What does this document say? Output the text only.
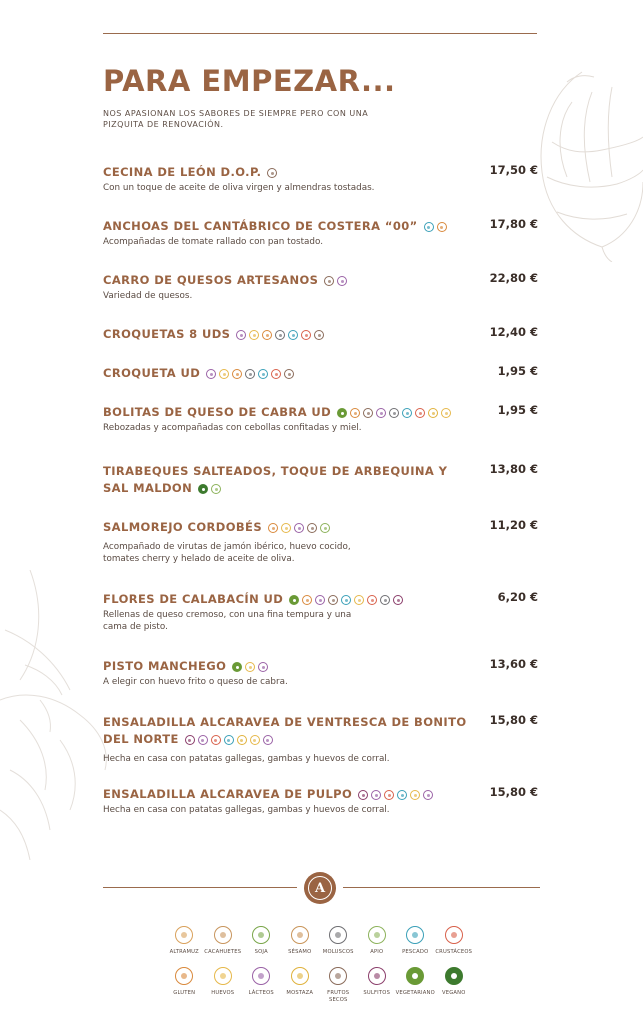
PARA EMPEZAR...
NOS APASIONAN LOS SABORES DE SIEMPRE PERO CON UNA PIZQUITA DE RENOVACIÓN.
CECINA DE LEÓN D.O.P.	17,50 €
Con un toque de aceite de oliva virgen y almendras tostadas.
ANCHOAS DEL CANTÁBRICO DE COSTERA “00”	17,80 €
Acompañadas de tomate rallado con pan tostado.
CARRO DE QUESOS ARTESANOS	22,80 €
Variedad de quesos.
CROQUETAS 8 UDS	12,40 €
CROQUETA UD	1,95 €
BOLITAS DE QUESO DE CABRA UD	1,95 €
Rebozadas y acompañadas con cebollas confitadas y miel.
TIRABEQUES SALTEADOS, TOQUE DE ARBEQUINA Y SAL MALDON
13,80 €
SALMOREJO CORDOBÉS	11,20 €
Acompañado de virutas de jamón ibérico, huevo cocido, tomates cherry y helado de aceite de oliva.
FLORES DE CALABACÍN UD	6,20 €
Rellenas de queso cremoso, con una fina tempura y una cama de pisto.
PISTO MANCHEGO	13,60 €
A elegir con huevo frito o queso de cabra.
ENSALADILLA ALCARAVEA DE VENTRESCA DE BONITO DEL NORTE
15,80 €
Hecha en casa con patatas gallegas, gambas y huevos de corral.
ENSALADILLA ALCARAVEA DE PULPO	15,80 €
Hecha en casa con patatas gallegas, gambas y huevos de corral.
A
ALTRAMUZ CACAHUETES	SOJA	SÉSAMO MOLUSCOS	APIO	PESCADO CRUSTÁCEOS
GLUTEN	HUEVOS	LÁCTEOS MOSTAZA	FRUTOS SECOS
SULFITOS VEGETARIANO VEGANO
